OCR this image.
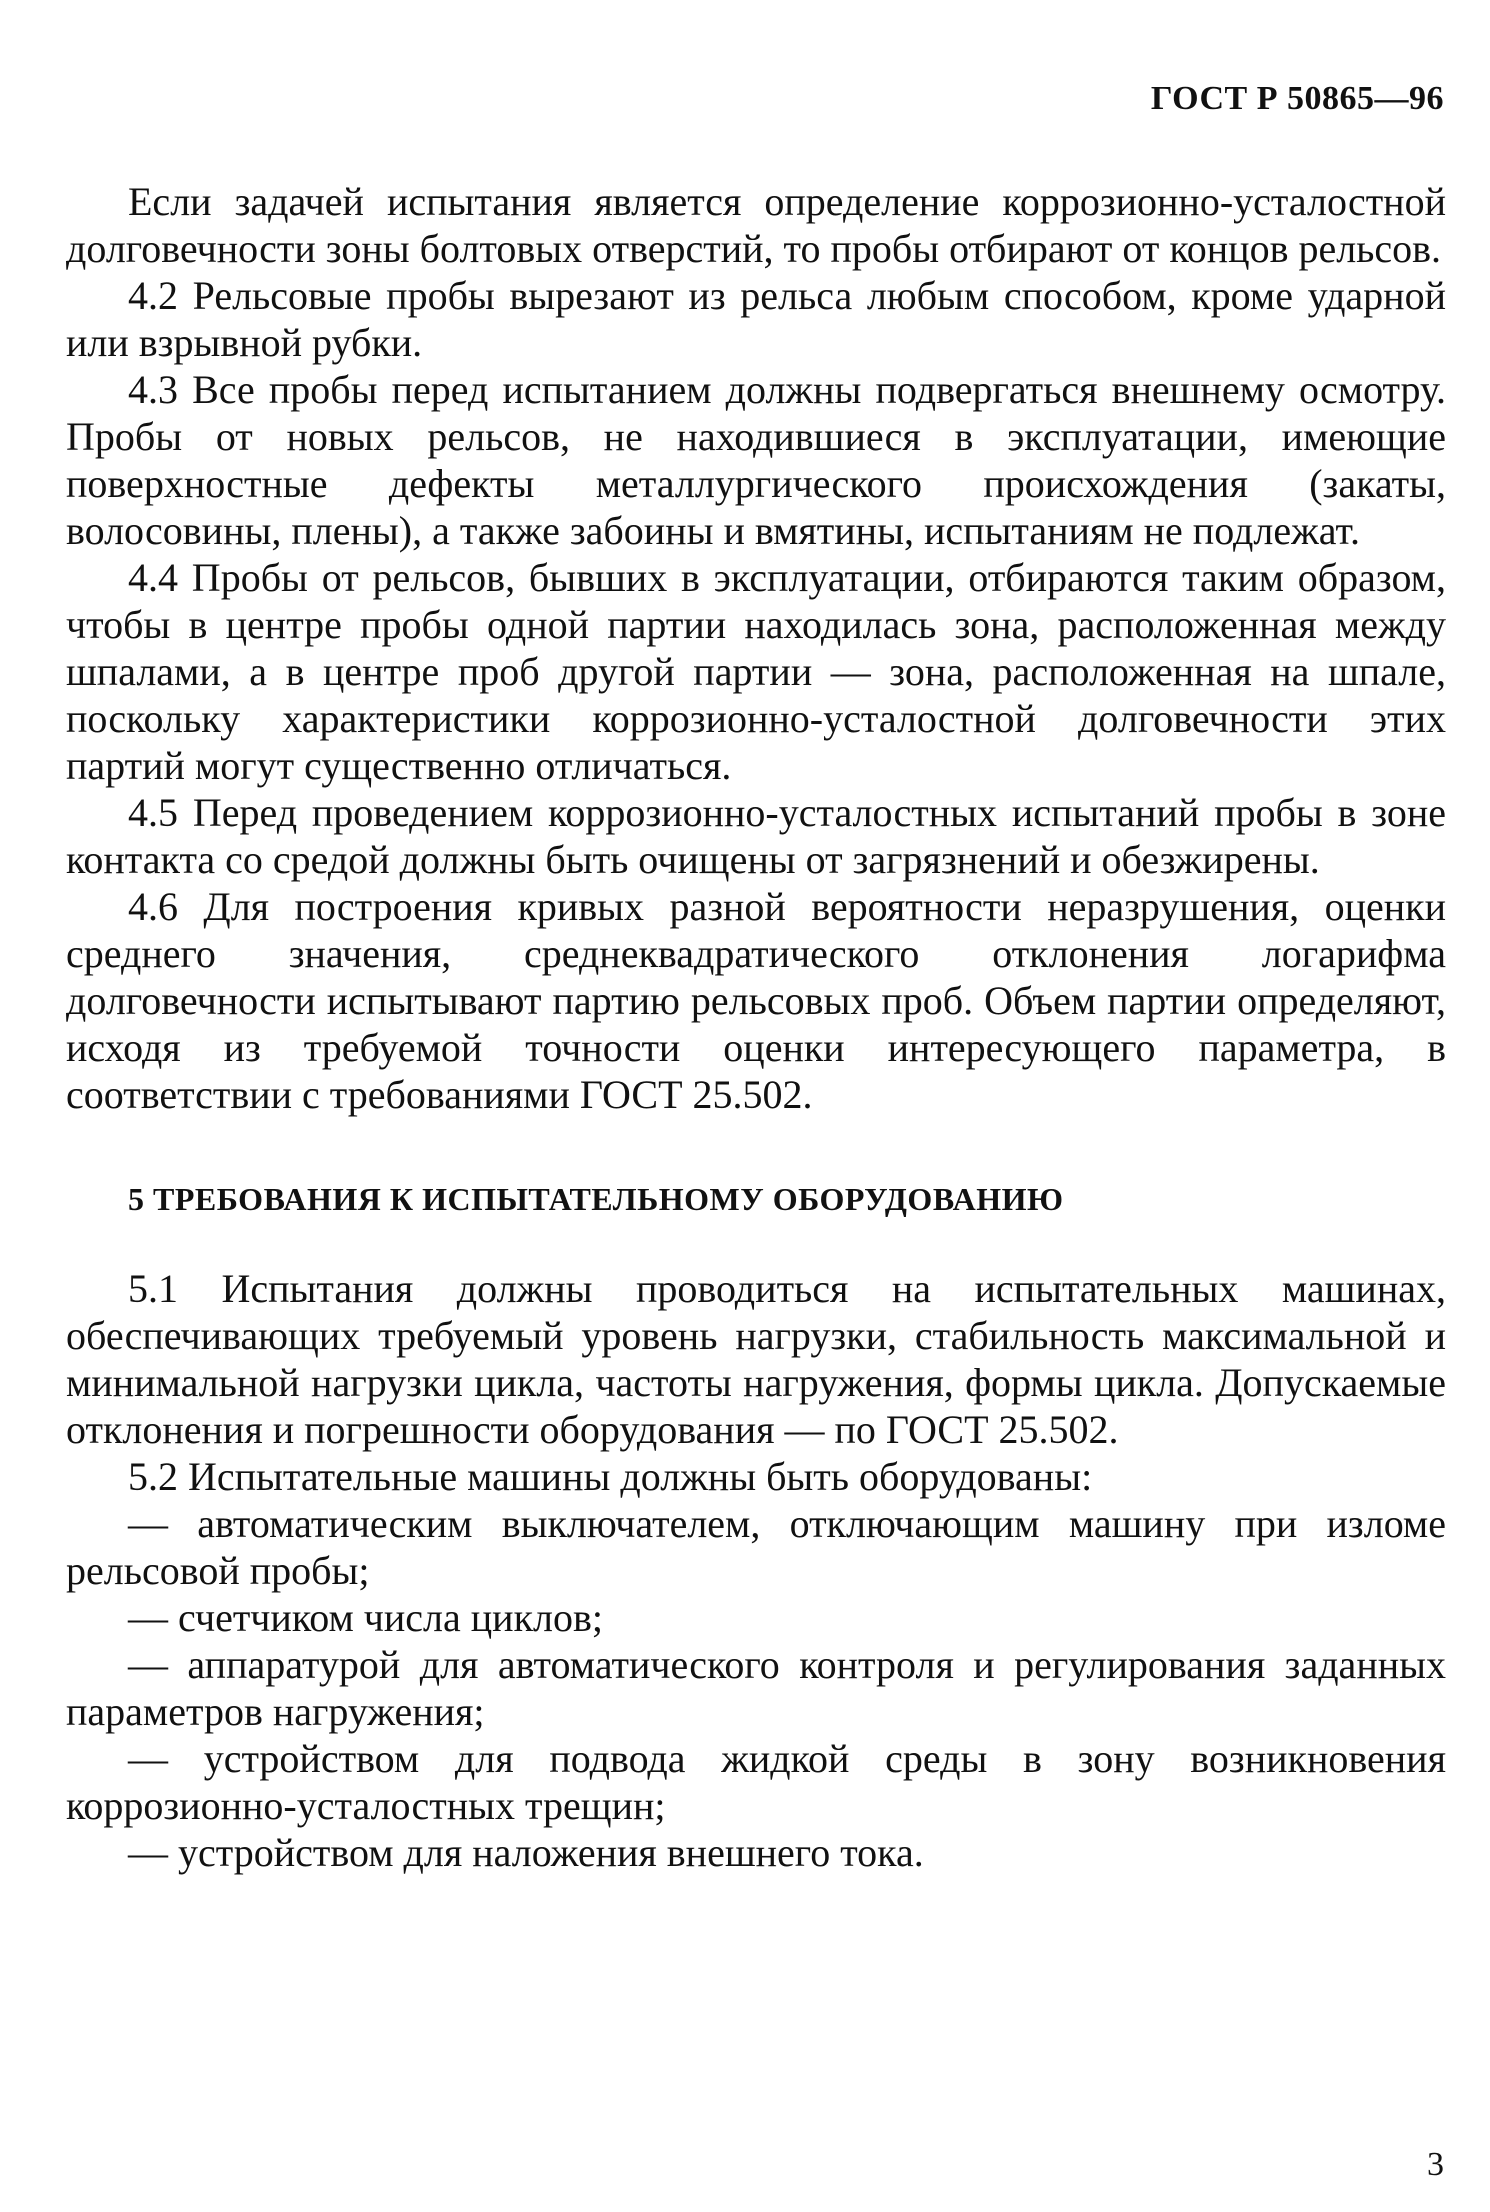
ГОСТ Р 50865—96

Если задачей испытания является определение коррозионно-усталостной долговечности зоны болтовых отверстий, то пробы отбирают от концов рельсов.

4.2 Рельсовые пробы вырезают из рельса любым способом, кроме ударной или взрывной рубки.

4.3 Все пробы перед испытанием должны подвергаться внешнему осмотру. Пробы от новых рельсов, не находившиеся в эксплуатации, имеющие поверхностные дефекты металлургического происхождения (закаты, волосовины, плены), а также забоины и вмятины, испытаниям не подлежат.

4.4 Пробы от рельсов, бывших в эксплуатации, отбираются таким образом, чтобы в центре пробы одной партии находилась зона, расположенная между шпалами, а в центре проб другой партии — зона, расположенная на шпале, поскольку характеристики коррозионно-усталостной долговечности этих партий могут существенно отличаться.

4.5 Перед проведением коррозионно-усталостных испытаний пробы в зоне контакта со средой должны быть очищены от загрязнений и обезжирены.

4.6 Для построения кривых разной вероятности неразрушения, оценки среднего значения, среднеквадратического отклонения логарифма долговечности испытывают партию рельсовых проб. Объем партии определяют, исходя из требуемой точности оценки интересующего параметра, в соответствии с требованиями ГОСТ 25.502.

5 ТРЕБОВАНИЯ К ИСПЫТАТЕЛЬНОМУ ОБОРУДОВАНИЮ

5.1 Испытания должны проводиться на испытательных машинах, обеспечивающих требуемый уровень нагрузки, стабильность максимальной и минимальной нагрузки цикла, частоты нагружения, формы цикла. Допускаемые отклонения и погрешности оборудования — по ГОСТ 25.502.

5.2 Испытательные машины должны быть оборудованы:

— автоматическим выключателем, отключающим машину при изломе рельсовой пробы;

— счетчиком числа циклов;

— аппаратурой для автоматического контроля и регулирования заданных параметров нагружения;

— устройством для подвода жидкой среды в зону возникновения коррозионно-усталостных трещин;

— устройством для наложения внешнего тока.

3
